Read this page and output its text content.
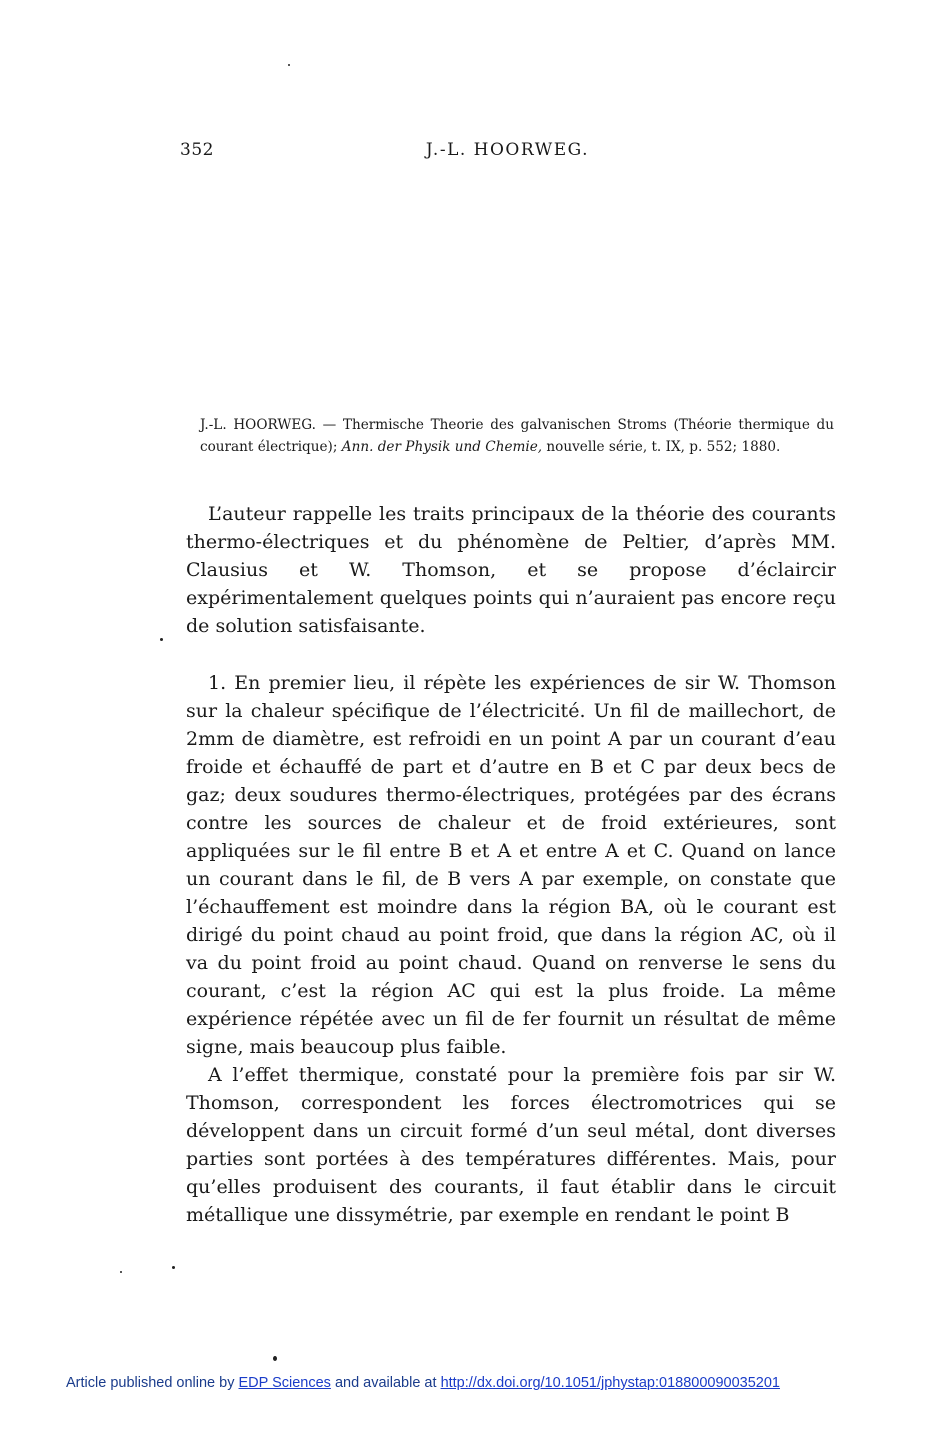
352	J.-L. HOORWEG.
J.-L. HOORWEG. — Thermische Theorie des galvanischen Stroms (Théorie thermique du courant électrique); Ann. der Physik und Chemie, nouvelle série, t. IX, p. 552; 1880.

L’auteur rappelle les traits principaux de la théorie des courants thermo-électriques et du phénomène de Peltier, d’après MM. Clausius et W. Thomson, et se propose d’éclaircir expérimentalement quelques points qui n’auraient pas encore reçu de solution satisfaisante.

1. En premier lieu, il répète les expériences de sir W. Thomson sur la chaleur spécifique de l’électricité. Un fil de maillechort, de 2mm de diamètre, est refroidi en un point A par un courant d’eau froide et échauffé de part et d’autre en B et C par deux becs de gaz; deux soudures thermo-électriques, protégées par des écrans contre les sources de chaleur et de froid extérieures, sont appliquées sur le fil entre B et A et entre A et C. Quand on lance un courant dans le fil, de B vers A par exemple, on constate que l’échauffement est moindre dans la région BA, où le courant est dirigé du point chaud au point froid, que dans la région AC, où il va du point froid au point chaud. Quand on renverse le sens du courant, c’est la région AC qui est la plus froide. La même expérience répétée avec un fil de fer fournit un résultat de même signe, mais beaucoup plus faible.

A l’effet thermique, constaté pour la première fois par sir W. Thomson, correspondent les forces électromotrices qui se développent dans un circuit formé d’un seul métal, dont diverses parties sont portées à des températures différentes. Mais, pour qu’elles produisent des courants, il faut établir dans le circuit métallique une dissymétrie, par exemple en rendant le point B

Article published online by EDP Sciences and available at http://dx.doi.org/10.1051/jphystap:018800090035201
